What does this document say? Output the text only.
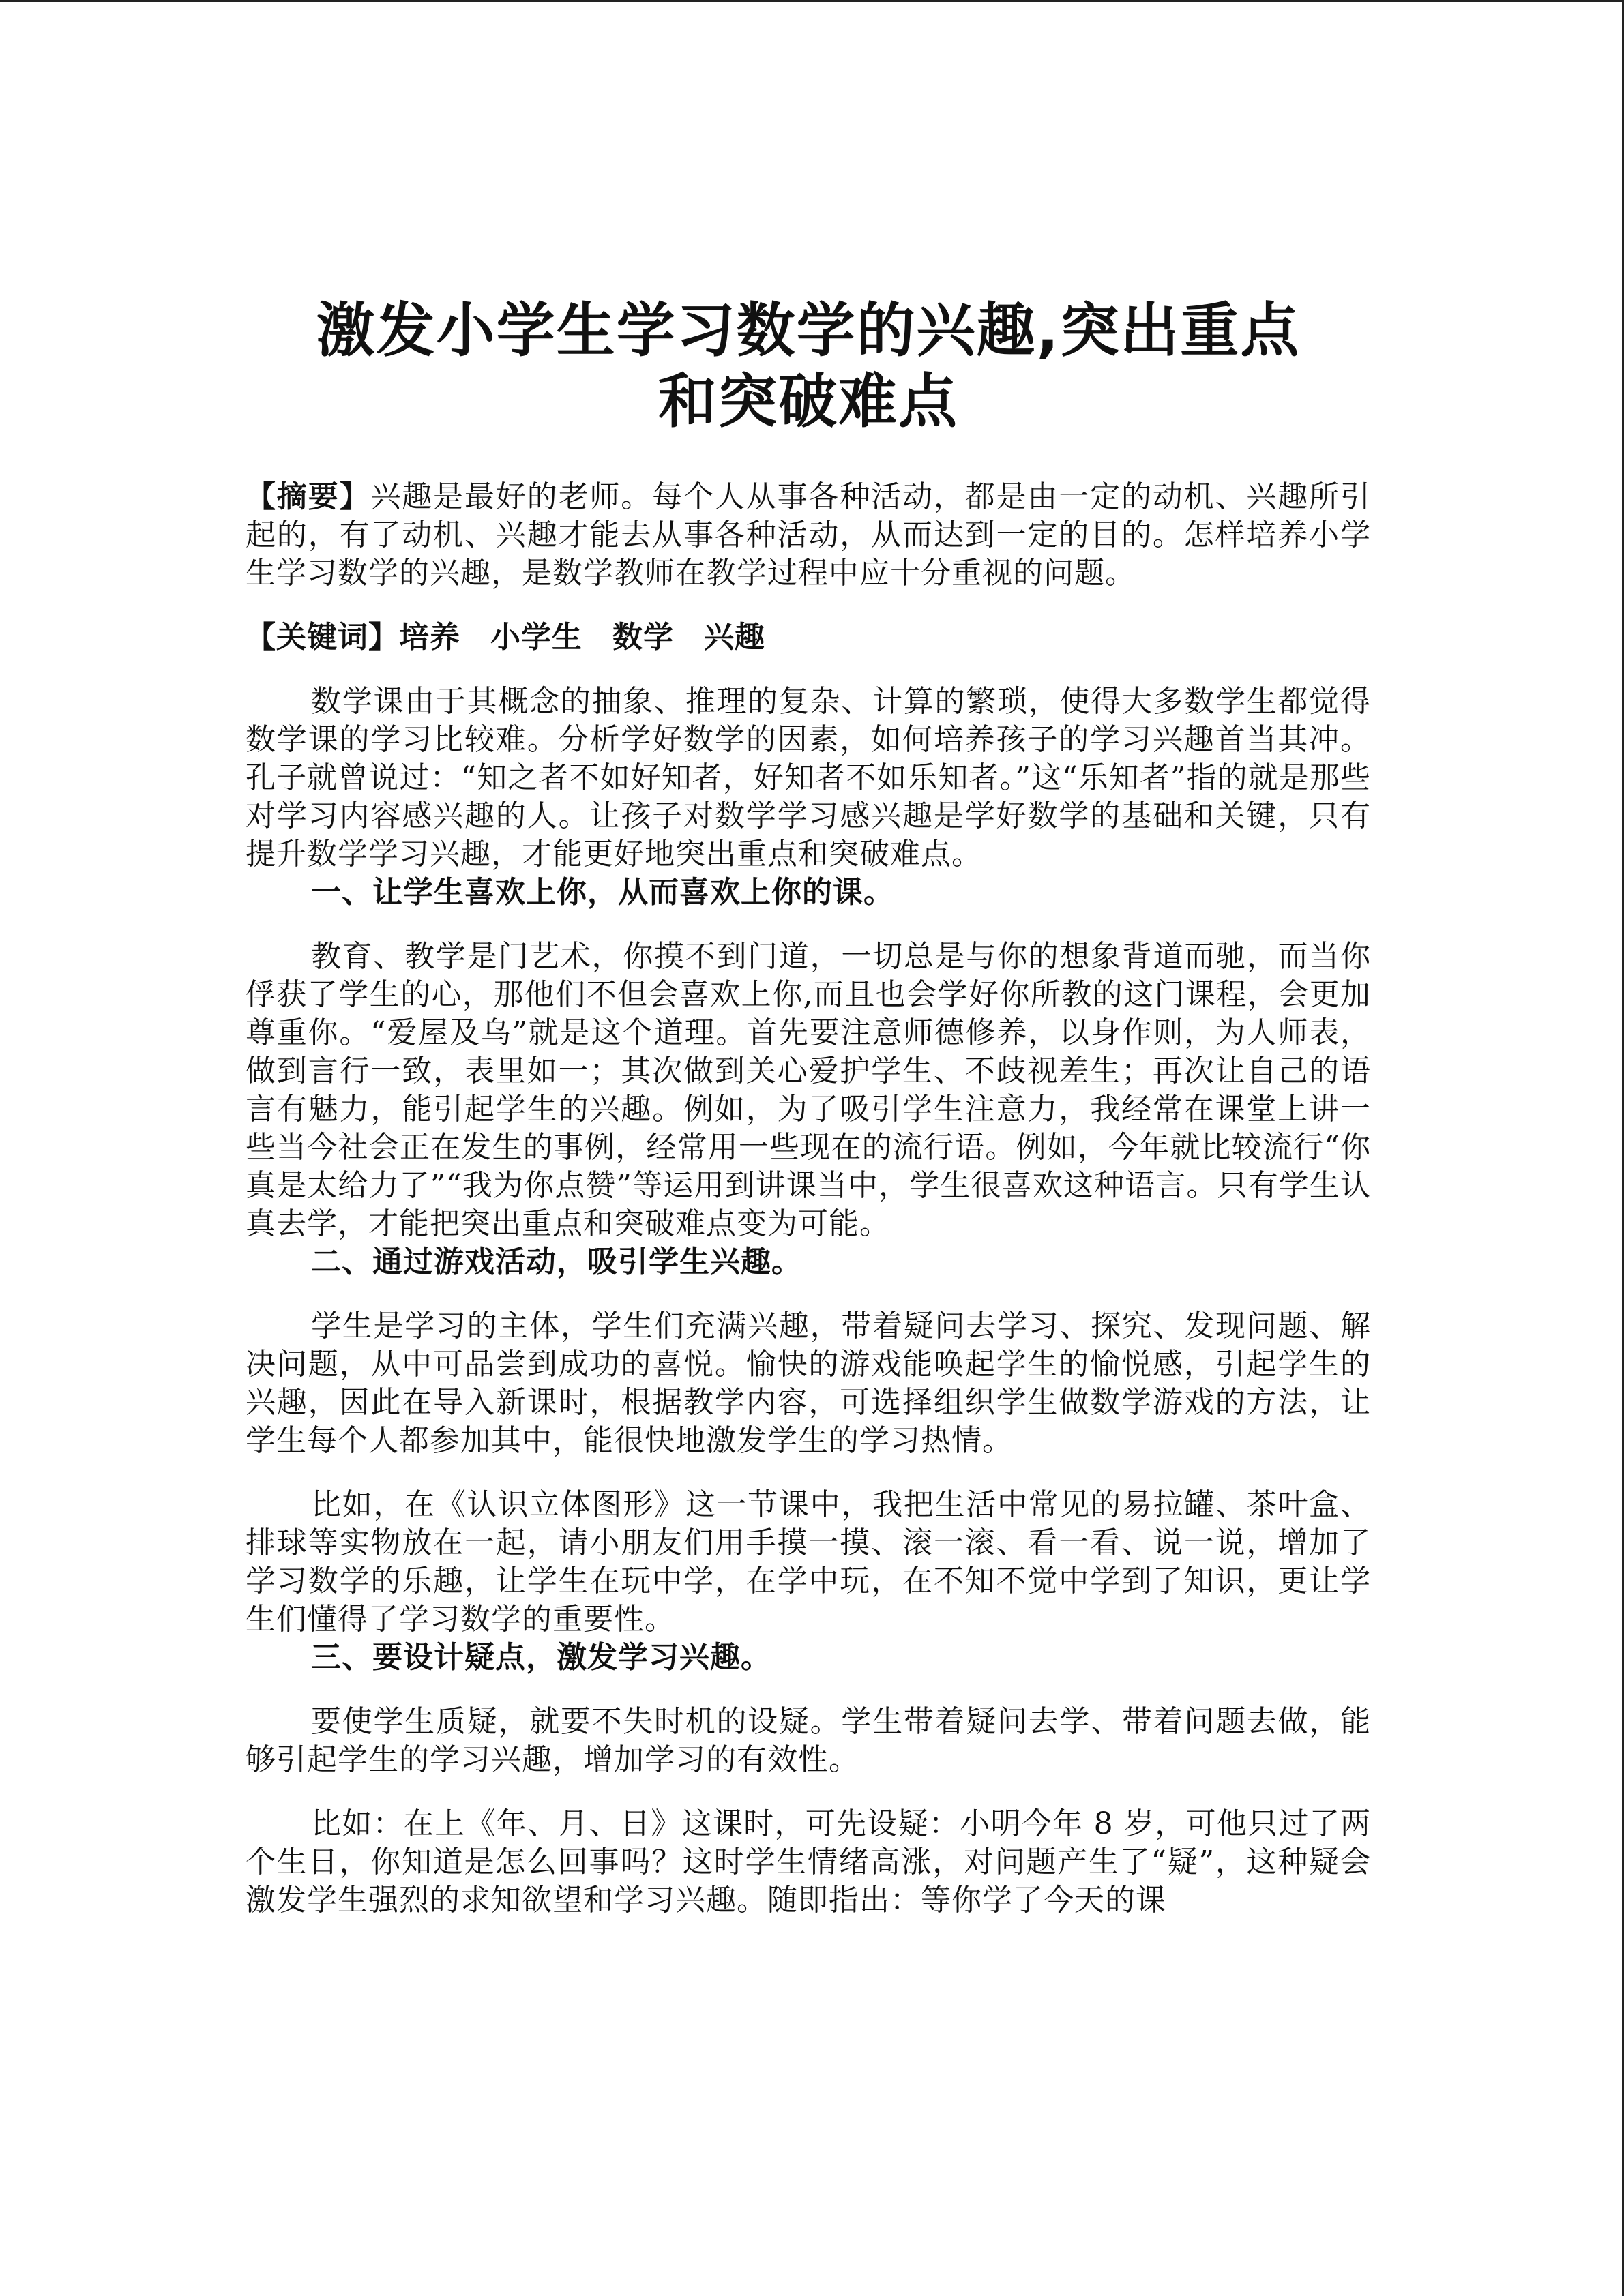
激发小学生学习数学的兴趣,突出重点
和突破难点

【摘要】兴趣是最好的老师。每个人从事各种活动，都是由一定的动机、兴趣所引起的，有了动机、兴趣才能去从事各种活动，从而达到一定的目的。怎样培养小学生学习数学的兴趣，是数学教师在教学过程中应十分重视的问题。

【关键词】培养 小学生 数学 兴趣

数学课由于其概念的抽象、推理的复杂、计算的繁琐，使得大多数学生都觉得数学课的学习比较难。分析学好数学的因素，如何培养孩子的学习兴趣首当其冲。孔子就曾说过：“知之者不如好知者，好知者不如乐知者。”这“乐知者”指的就是那些对学习内容感兴趣的人。让孩子对数学学习感兴趣是学好数学的基础和关键，只有提升数学学习兴趣，才能更好地突出重点和突破难点。

一、让学生喜欢上你，从而喜欢上你的课。

教育、教学是门艺术，你摸不到门道，一切总是与你的想象背道而驰，而当你俘获了学生的心，那他们不但会喜欢上你,而且也会学好你所教的这门课程，会更加尊重你。“爱屋及乌”就是这个道理。首先要注意师德修养，以身作则，为人师表，做到言行一致，表里如一；其次做到关心爱护学生、不歧视差生；再次让自己的语言有魅力，能引起学生的兴趣。例如，为了吸引学生注意力，我经常在课堂上讲一些当今社会正在发生的事例，经常用一些现在的流行语。例如，今年就比较流行“你真是太给力了”“我为你点赞”等运用到讲课当中，学生很喜欢这种语言。只有学生认真去学，才能把突出重点和突破难点变为可能。

二、通过游戏活动，吸引学生兴趣。

学生是学习的主体，学生们充满兴趣，带着疑问去学习、探究、发现问题、解决问题，从中可品尝到成功的喜悦。愉快的游戏能唤起学生的愉悦感，引起学生的兴趣，因此在导入新课时，根据教学内容，可选择组织学生做数学游戏的方法，让学生每个人都参加其中，能很快地激发学生的学习热情。

比如，在《认识立体图形》这一节课中，我把生活中常见的易拉罐、茶叶盒、排球等实物放在一起，请小朋友们用手摸一摸、滚一滚、看一看、说一说，增加了学习数学的乐趣，让学生在玩中学，在学中玩，在不知不觉中学到了知识，更让学生们懂得了学习数学的重要性。

三、要设计疑点，激发学习兴趣。

要使学生质疑，就要不失时机的设疑。学生带着疑问去学、带着问题去做，能够引起学生的学习兴趣，增加学习的有效性。

比如：在上《年、月、日》这课时，可先设疑：小明今年 8 岁，可他只过了两个生日，你知道是怎么回事吗？这时学生情绪高涨，对问题产生了“疑”，这种疑会激发学生强烈的求知欲望和学习兴趣。随即指出：等你学了今天的课
